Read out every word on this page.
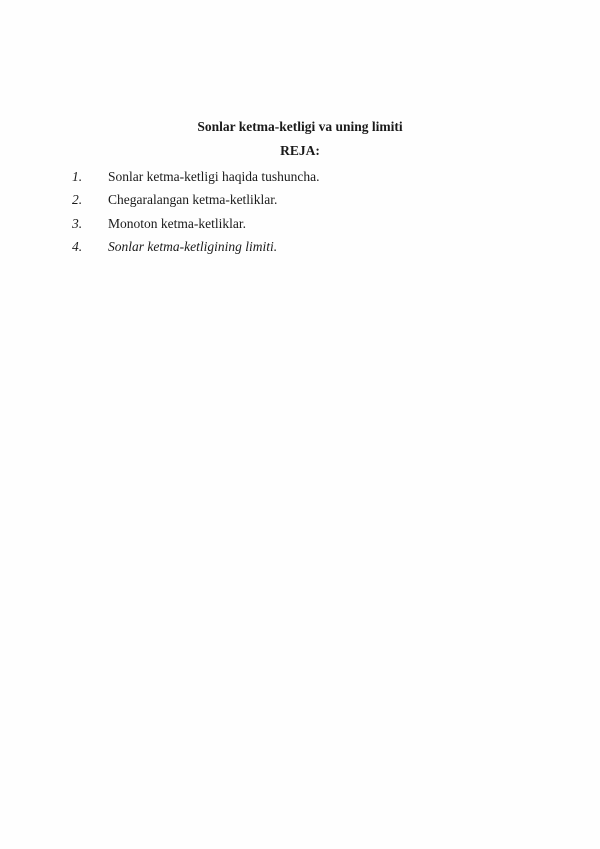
Sonlar ketma-ketligi va uning limiti
REJA:
1.	Sonlar ketma-ketligi haqida tushuncha.
2.	Chegaralangan ketma-ketliklar.
3.	Monoton ketma-ketliklar.
4.	Sonlar ketma-ketligining limiti.
